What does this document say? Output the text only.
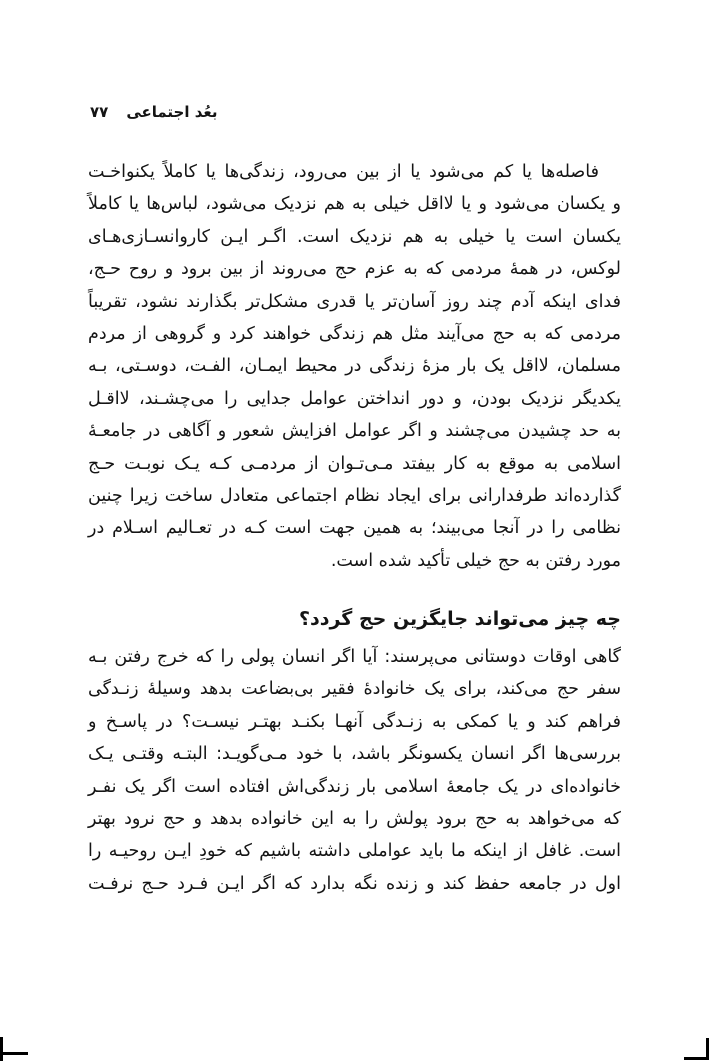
۷۷ بعُد اجتماعی
فاصله‌ها یا کم می‌شود یا از بین می‌رود، زندگی‌ها یا کاملاً یکنواخـت
و یکسان می‌شود و یا لااقل خیلی به هم نزدیک می‌شود، لباس‌ها یا کاملاً
یکسان است یا خیلی به هم نزدیک است. اگـر ایـن کاروانسـازی‌هـای
لوکس، در همهٔ مردمی که به عزم حج می‌روند از بین برود و روح حـج،
فدای اینکه آدم چند روز آسان‌تر یا قدری مشکل‌تر بگذارند نشود، تقریباً
مردمی که به حج می‌آیند مثل هم زندگی خواهند کرد و گروهی از مردم
مسلمان، لااقل یک بار مزهٔ زندگی در محیط ایمـان، الفـت، دوسـتی، بـه
یکدیگر نزدیک بودن، و دور انداختن عوامل جدایی را می‌چشـند، لااقـل
به حد چشیدن می‌چشند و اگر عوامل افزایش شعور و آگاهی در جامعـهٔ
اسلامی به موقع به کار بیفتد مـی‌تـوان از مردمـی کـه یـک نوبـت حـج
گذارده‌اند طرفدارانی برای ایجاد نظام اجتماعی متعادل ساخت زیرا چنین
نظامی را در آنجا می‌بیند؛ به همین جهت است کـه در تعـالیم اسـلام در
مورد رفتن به حج خیلی تأکید شده است.
چه چیز می‌تواند جایگزین حج گردد؟
گاهی اوقات دوستانی می‌پرسند: آیا اگر انسان پولی را که خرج رفتن بـه
سفر حج می‌کند، برای یک خانوادهٔ فقیر بی‌بضاعت بدهد وسیلهٔ زنـدگی
فراهم کند و یا کمکی به زنـدگی آنهـا بکنـد بهتـر نیسـت؟ در پاسـخ و
بررسی‌ها اگر انسان یکسونگر باشد، با خود مـی‌گویـد: البتـه وقتـی یـک
خانواده‌ای در یک جامعهٔ اسلامی بار زندگی‌اش افتاده است اگر یک نفـر
که می‌خواهد به حج برود پولش را به این خانواده بدهد و حج نرود بهتر
است. غافل از اینکه ما باید عواملی داشته باشیم که خودِ ایـن روحیـه را
اول در جامعه حفظ کند و زنده نگه بدارد که اگر ایـن فـرد حـج نرفـت
